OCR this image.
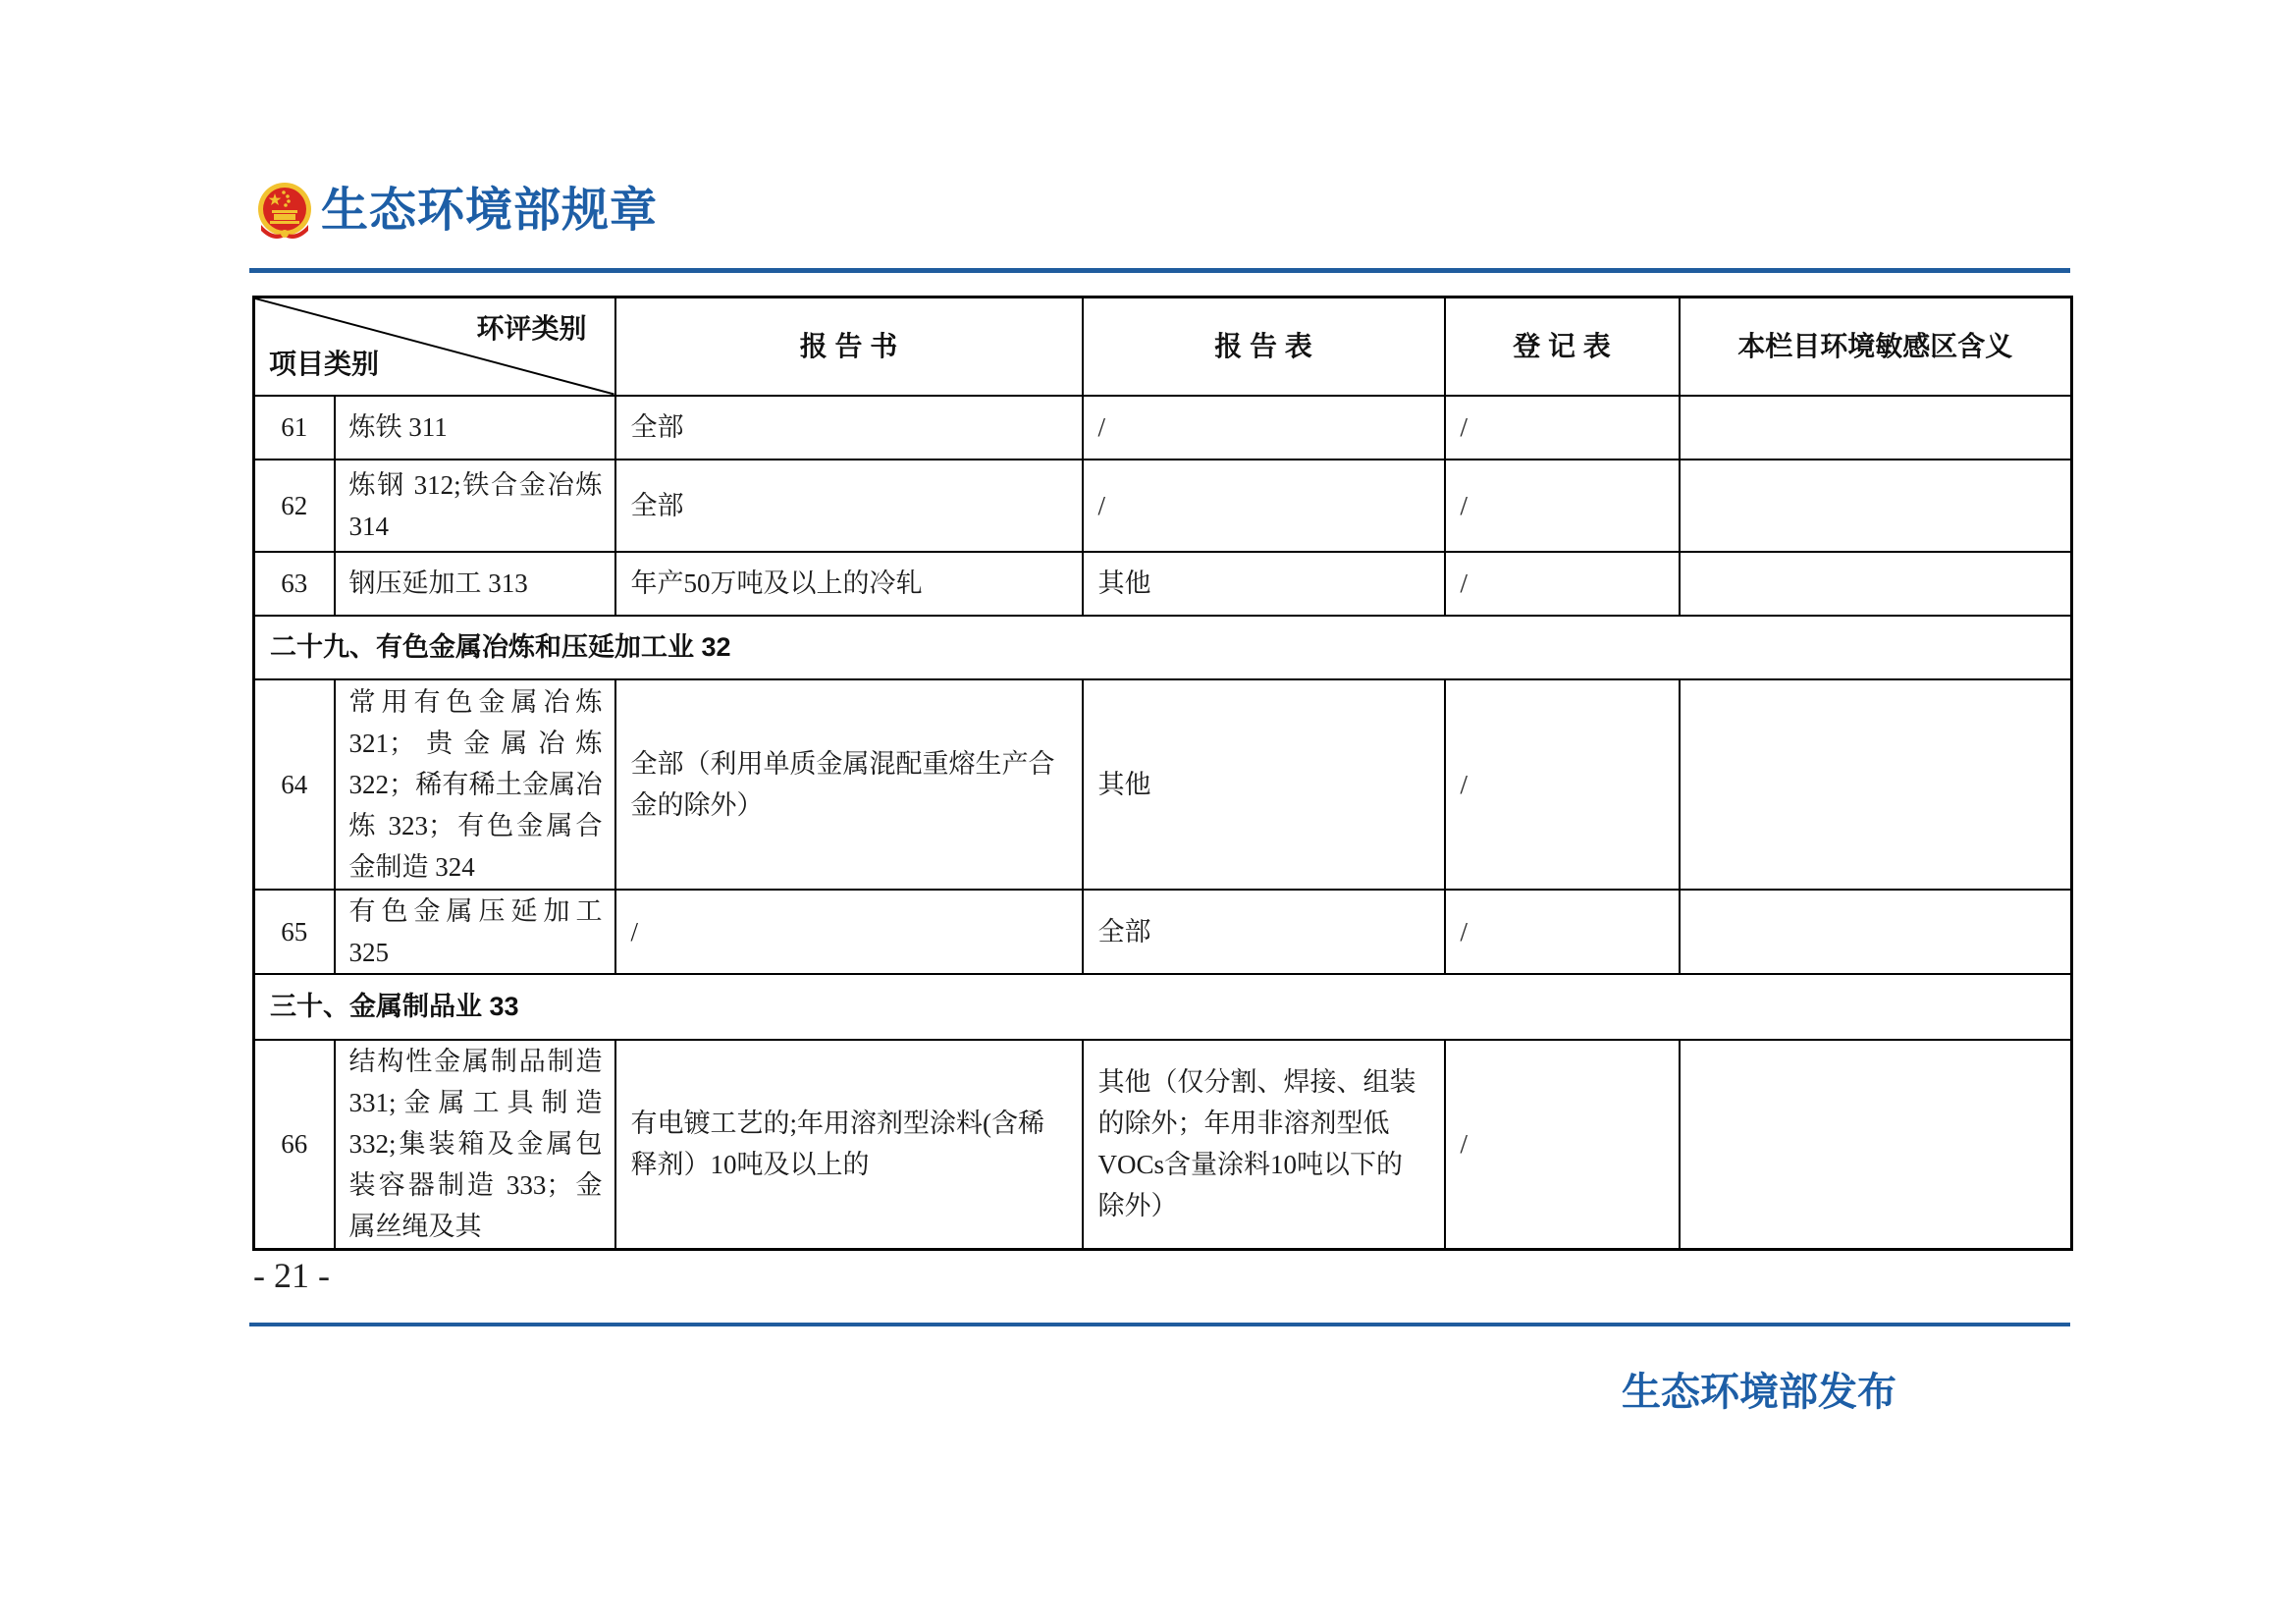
生态环境部规章
环评类别
项目类别		报 告 书	报 告 表	登 记 表	本栏目环境敏感区含义
61	炼铁 311	全部	/	/	
62	炼钢 312;铁合金冶炼 314	全部	/	/	
63	钢压延加工 313	年产50万吨及以上的冷轧	其他	/	
二十九、有色金属冶炼和压延加工业 32					
64	常用有色金属冶炼 321；贵金属冶炼 322；稀有稀土金属冶炼 323；有色金属合金制造 324	全部（利用单质金属混配重熔生产合金的除外）	其他	/	
65	有色金属压延加工 325	/	全部	/	
三十、金属制品业 33					
66	结构性金属制品制造 331;金属工具制造 332;集装箱及金属包装容器制造 333；金属丝绳及其	有电镀工艺的;年用溶剂型涂料(含稀释剂）10吨及以上的	其他（仅分割、焊接、组装的除外；年用非溶剂型低VOCs含量涂料10吨以下的除外）	/	
- 21 -
生态环境部发布
